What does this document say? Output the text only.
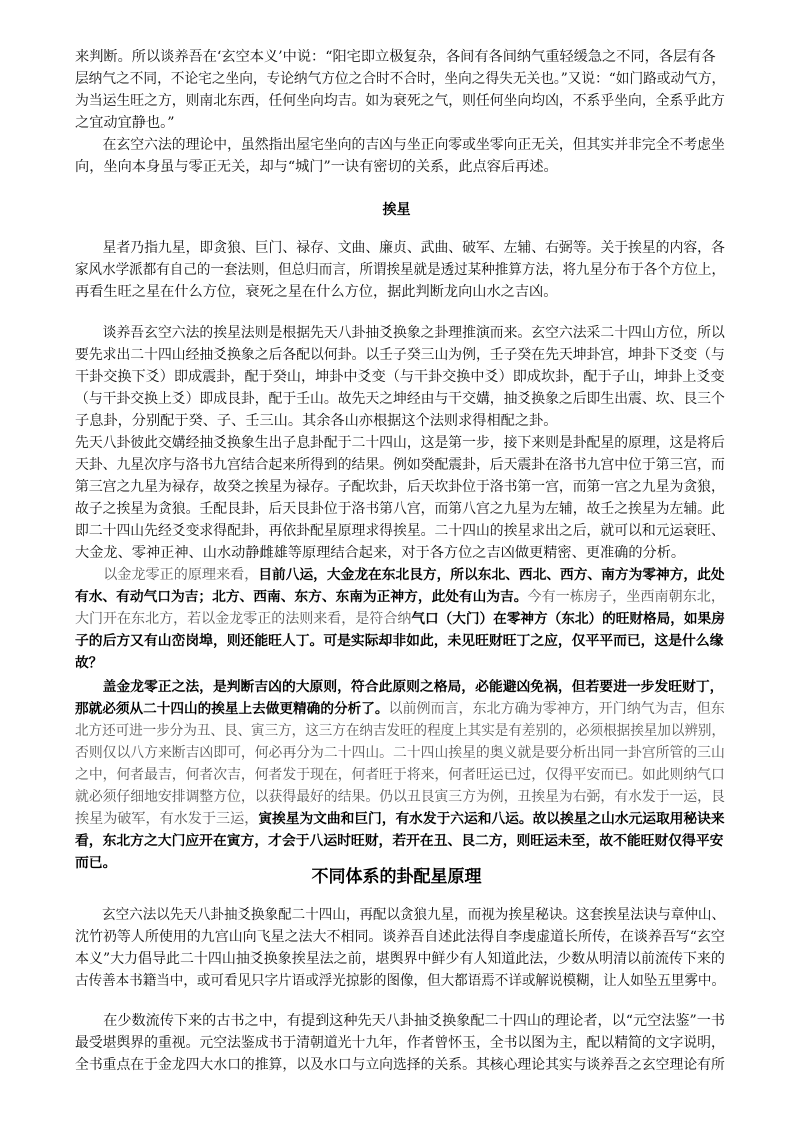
来判断。所以谈养吾在‘玄空本义’中说：“阳宅即立极复杂，各间有各间纳气重轻缓急之不同，各层有各
层纳气之不同，不论宅之坐向，专论纳气方位之合时不合时，坐向之得失无关也。”又说：“如门路或动气方，
为当运生旺之方，则南北东西，任何坐向均吉。如为衰死之气，则任何坐向均凶，不系乎坐向，全系乎此方
之宜动宜静也。”
　　在玄空六法的理论中，虽然指出屋宅坐向的吉凶与坐正向零或坐零向正无关，但其实并非完全不考虑坐
向，坐向本身虽与零正无关，却与“城门”一诀有密切的关系，此点容后再述。
挨星
　　星者乃指九星，即贪狼、巨门、禄存、文曲、廉贞、武曲、破军、左辅、右弼等。关于挨星的内容，各
家风水学派都有自己的一套法则，但总归而言，所谓挨星就是透过某种推算方法，将九星分布于各个方位上，
再看生旺之星在什么方位，衰死之星在什么方位，据此判断龙向山水之吉凶。
　　谈养吾玄空六法的挨星法则是根据先天八卦抽爻换象之卦理推演而来。玄空六法采二十四山方位，所以
要先求出二十四山经抽爻换象之后各配以何卦。以壬子癸三山为例，壬子癸在先天坤卦宫，坤卦下爻变（与
干卦交换下爻）即成震卦，配于癸山，坤卦中爻变（与干卦交换中爻）即成坎卦，配于子山，坤卦上爻变
（与干卦交换上爻）即成艮卦，配于壬山。故先天之坤经由与干交媾，抽爻换象之后即生出震、坎、艮三个
子息卦，分别配于癸、子、壬三山。其余各山亦根据这个法则求得相配之卦。
先天八卦彼此交媾经抽爻换象生出子息卦配于二十四山，这是第一步，接下来则是卦配星的原理，这是将后
天卦、九星次序与洛书九宫结合起来所得到的结果。例如癸配震卦，后天震卦在洛书九宫中位于第三宫，而
第三宫之九星为禄存，故癸之挨星为禄存。子配坎卦，后天坎卦位于洛书第一宫，而第一宫之九星为贪狼，
故子之挨星为贪狼。壬配艮卦，后天艮卦位于洛书第八宫，而第八宫之九星为左辅，故壬之挨星为左辅。此
即二十四山先经爻变求得配卦，再依卦配星原理求得挨星。二十四山的挨星求出之后，就可以和元运衰旺、
大金龙、零神正神、山水动静雌雄等原理结合起来，对于各方位之吉凶做更精密、更准确的分析。
　　以金龙零正的原理来看，目前八运，大金龙在东北艮方，所以东北、西北、西方、南方为零神方，此处
有水、有动气口为吉；北方、西南、东方、东南为正神方，此处有山为吉。今有一栋房子，坐西南朝东北，
大门开在东北方，若以金龙零正的法则来看，是符合纳气口（大门）在零神方（东北）的旺财格局，如果房
子的后方又有山峦岗埠，则还能旺人丁。可是实际却非如此，未见旺财旺丁之应，仅平平而已，这是什么缘
故？
　　盖金龙零正之法，是判断吉凶的大原则，符合此原则之格局，必能避凶免祸，但若要进一步发旺财丁，
那就必须从二十四山的挨星上去做更精确的分析了。以前例而言，东北方确为零神方，开门纳气为吉，但东
北方还可进一步分为丑、艮、寅三方，这三方在纳吉发旺的程度上其实是有差别的，必须根据挨星加以辨别，
否则仅以八方来断吉凶即可，何必再分为二十四山。二十四山挨星的奥义就是要分析出同一卦宫所管的三山
之中，何者最吉，何者次吉，何者发于现在，何者旺于将来，何者旺运已过，仅得平安而已。如此则纳气口
就必须仔细地安排调整方位，以获得最好的结果。仍以丑艮寅三方为例，丑挨星为右弼，有水发于一运，艮
挨星为破军，有水发于三运，寅挨星为文曲和巨门，有水发于六运和八运。故以挨星之山水元运取用秘诀来
看，东北方之大门应开在寅方，才会于八运时旺财，若开在丑、艮二方，则旺运未至，故不能旺财仅得平安
而已。
不同体系的卦配星原理
　　玄空六法以先天八卦抽爻换象配二十四山，再配以贪狼九星，而视为挨星秘诀。这套挨星法诀与章仲山、
沈竹礽等人所使用的九宫山向飞星之法大不相同。谈养吾自述此法得自李虔虚道长所传，在谈养吾写“玄空
本义”大力倡导此二十四山抽爻换象挨星法之前，堪舆界中鲜少有人知道此法，少数从明清以前流传下来的
古传善本书籍当中，或可看见只字片语或浮光掠影的图像，但大都语焉不详或解说模糊，让人如坠五里雾中。
　　在少数流传下来的古书之中，有提到这种先天八卦抽爻换象配二十四山的理论者，以“元空法鉴”一书
最受堪舆界的重视。元空法鉴成书于清朝道光十九年，作者曾怀玉，全书以图为主，配以精简的文字说明，
全书重点在于金龙四大水口的推算，以及水口与立向选择的关系。其核心理论其实与谈养吾之玄空理论有所
